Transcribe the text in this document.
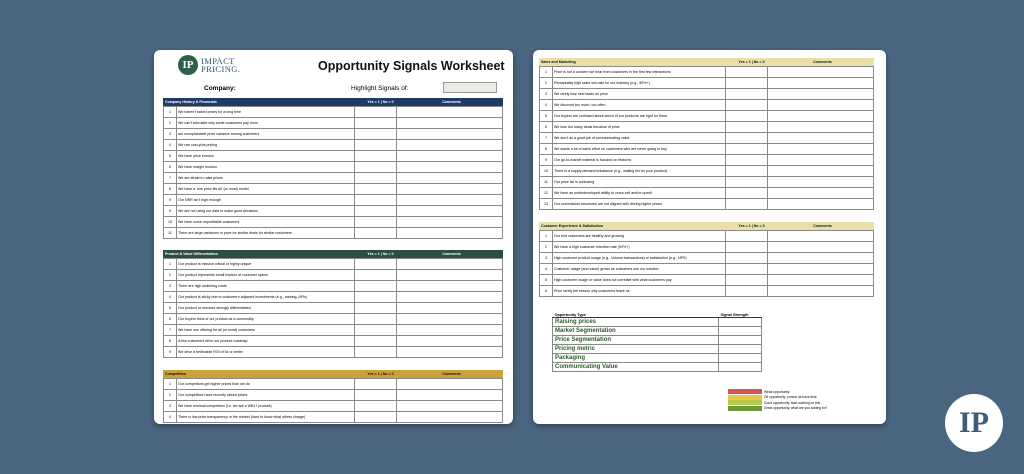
IP IMPACT
PRICING.	Opportunity Signals Worksheet
Company:	Highlight Signals of:
Company History & Financials	Yes = 1 | No = 0	Comments
1	We haven't raised prices for a long time		
2	We can't articulate why some customers pay more		
3	are unexplainable price variance among customers		
4	We use cost-plus pricing		
5	We have price erosion		
6	We have margin erosion		
7	We are afraid to raise prices		
8	We have a 'one price fits all' (or most) model		
9	Our NRR isn't high enough		
9	We are not using our data to make good decisions		
10	We have some unprofitable customers		
11	There are large variances in price for similar deals for similar customers		
Product & Value Differentiation	Yes = 1 | No = 0	Comments
1	Our product is mission critical or highly unique		
2	Our product represents small fraction of customer spend		
3	There are high switching costs		
4	Our product is sticky due to customer's adjacent investments (e.g., training, APIs)		
5	Our product or services strongly differentiated		
6	Our buyers think of our product as a commodity		
7	We have one offering for all (or most) customers		
8	A few customers drive our product roadmap		
9	We drive a believable ROI of 5x or better		
Competition	Yes = 1 | No = 0	Comments
1	Our competitors get higher prices than we do		
2	Our competitors have recently raised prices		
3	We have minimal competition (i.e. we are a WB17 product)		
4	There is low price transparency in the market (hard to know what others charge)		
Opportunity Type	Signal Strength
Raising prices	
Market Segmentation	
Price Segmentation	
Pricing metric	
Packaging	
Communicating Value	
Weak opportunity
Ok opportunity, pursue as have time
Good opportunity, start working on this
Great opportunity, what are you waiting for!
Sales and Marketing	Yes = 1 | No = 0	Comments
1	Price is not a concern we hear from customers in the first few interactions		
2	Remarkably high sales win-rate for our industry (e.g., 50%+)		
3	We rarely lose new leads on price		
4	We discount too much, too often		
5	Our buyers are confused about which of our products are right for them		
6	We lose too many deals because of price		
7	We don't do a good job of communicating value		
8	We waste a lot of sales effort on customers who are never going to buy		
9	Our go-to-market material is focused on features		
10	There is a supply-demand imbalance (e.g., waiting list for your product)		
11	Our price list is confusing		
12	We have an underdeveloped ability to cross-sell and/or upsell		
13	Our commission structures are not aligned with driving higher prices		
Customer Experience & Satisfaction	Yes = 1 | No = 0	Comments
1	Our end customers are healthy and growing		
2	We have a high customer retention rate (92%+)		
3	High customer product usage (e.g., Volume transactions) or satisfaction (e.g., NPS)		
4	Customer usage (and value) grows as customers use our solution		
5	High customer usage or value does not correlate with what customers pay		
6	Price rarely the reason why customers leave us		
IP
